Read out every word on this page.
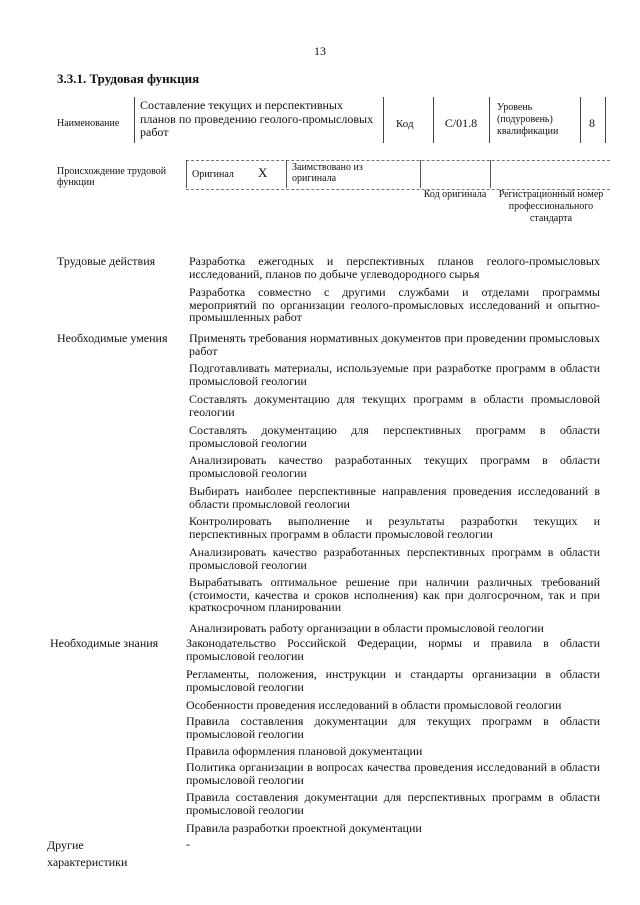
13
3.3.1. Трудовая функция
Наименование
Составление текущих и перспективных планов по проведению геолого-промысловых работ
Код	С/01.8
Уровень (подуровень) квалификации
8
Происхождение трудовой функции
Оригинал X Заимствовано из оригинала
Код оригинала Регистрационный номер профессионального стандарта
Трудовые действия
Необходимые умения
Необходимые знания
Другие характеристики
Разработка ежегодных и перспективных планов геолого-промысловых исследований, планов по добыче углеводородного сырья
Разработка совместно с другими службами и отделами программы мероприятий по организации геолого-промысловых исследований и опытно-промышленных работ
Применять требования нормативных документов при проведении промысловых работ
Подготавливать материалы, используемые при разработке программ в области промысловой геологии
Составлять документацию для текущих программ в области промысловой геологии
Составлять документацию для перспективных программ в области промысловой геологии
Анализировать качество разработанных текущих программ в области промысловой геологии
Выбирать наиболее перспективные направления проведения исследований в области промысловой геологии
Контролировать выполнение и результаты разработки текущих и перспективных программ в области промысловой геологии
Анализировать качество разработанных перспективных программ в области промысловой геологии
Вырабатывать оптимальное решение при наличии различных требований (стоимости, качества и сроков исполнения) как при долгосрочном, так и при краткосрочном планировании
Анализировать работу организации в области промысловой геологии
Законодательство Российской Федерации, нормы и правила в области промысловой геологии
Регламенты, положения, инструкции и стандарты организации в области промысловой геологии
Особенности проведения исследований в области промысловой геологии
Правила составления документации для текущих программ в области промысловой геологии
Правила оформления плановой документации
Политика организации в вопросах качества проведения исследований в области промысловой геологии
Правила составления документации для перспективных программ в области промысловой геологии
Правила разработки проектной документации
-
